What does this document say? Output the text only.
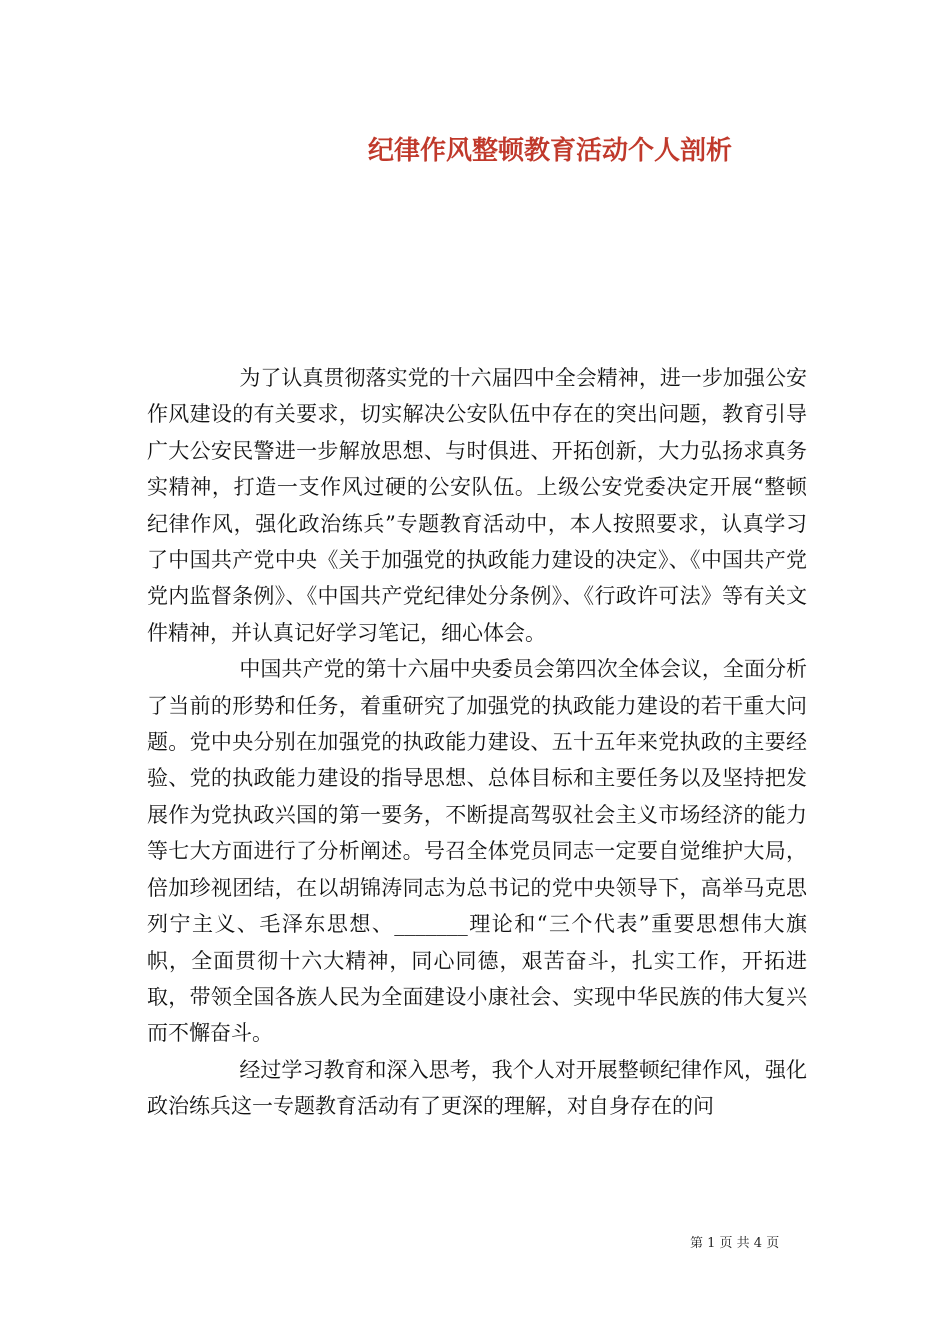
纪律作风整顿教育活动个人剖析

为了认真贯彻落实党的十六届四中全会精神，进一步加强公安作风建设的有关要求，切实解决公安队伍中存在的突出问题，教育引导广大公安民警进一步解放思想、与时俱进、开拓创新，大力弘扬求真务实精神，打造一支作风过硬的公安队伍。上级公安党委决定开展“整顿纪律作风，强化政治练兵”专题教育活动中，本人按照要求，认真学习了中国共产党中央《关于加强党的执政能力建设的决定》、《中国共产党党内监督条例》、《中国共产党纪律处分条例》、《行政许可法》等有关文件精神，并认真记好学习笔记，细心体会。

中国共产党的第十六届中央委员会第四次全体会议，全面分析了当前的形势和任务，着重研究了加强党的执政能力建设的若干重大问题。党中央分别在加强党的执政能力建设、五十五年来党执政的主要经验、党的执政能力建设的指导思想、总体目标和主要任务以及坚持把发展作为党执政兴国的第一要务，不断提高驾驭社会主义市场经济的能力等七大方面进行了分析阐述。号召全体党员同志一定要自觉维护大局，倍加珍视团结，在以胡锦涛同志为总书记的党中央领导下，高举马克思列宁主义、毛泽东思想、_______理论和“三个代表”重要思想伟大旗帜，全面贯彻十六大精神，同心同德，艰苦奋斗，扎实工作，开拓进取，带领全国各族人民为全面建设小康社会、实现中华民族的伟大复兴而不懈奋斗。

经过学习教育和深入思考，我个人对开展整顿纪律作风，强化政治练兵这一专题教育活动有了更深的理解，对自身存在的问

第 1 页 共 4 页
